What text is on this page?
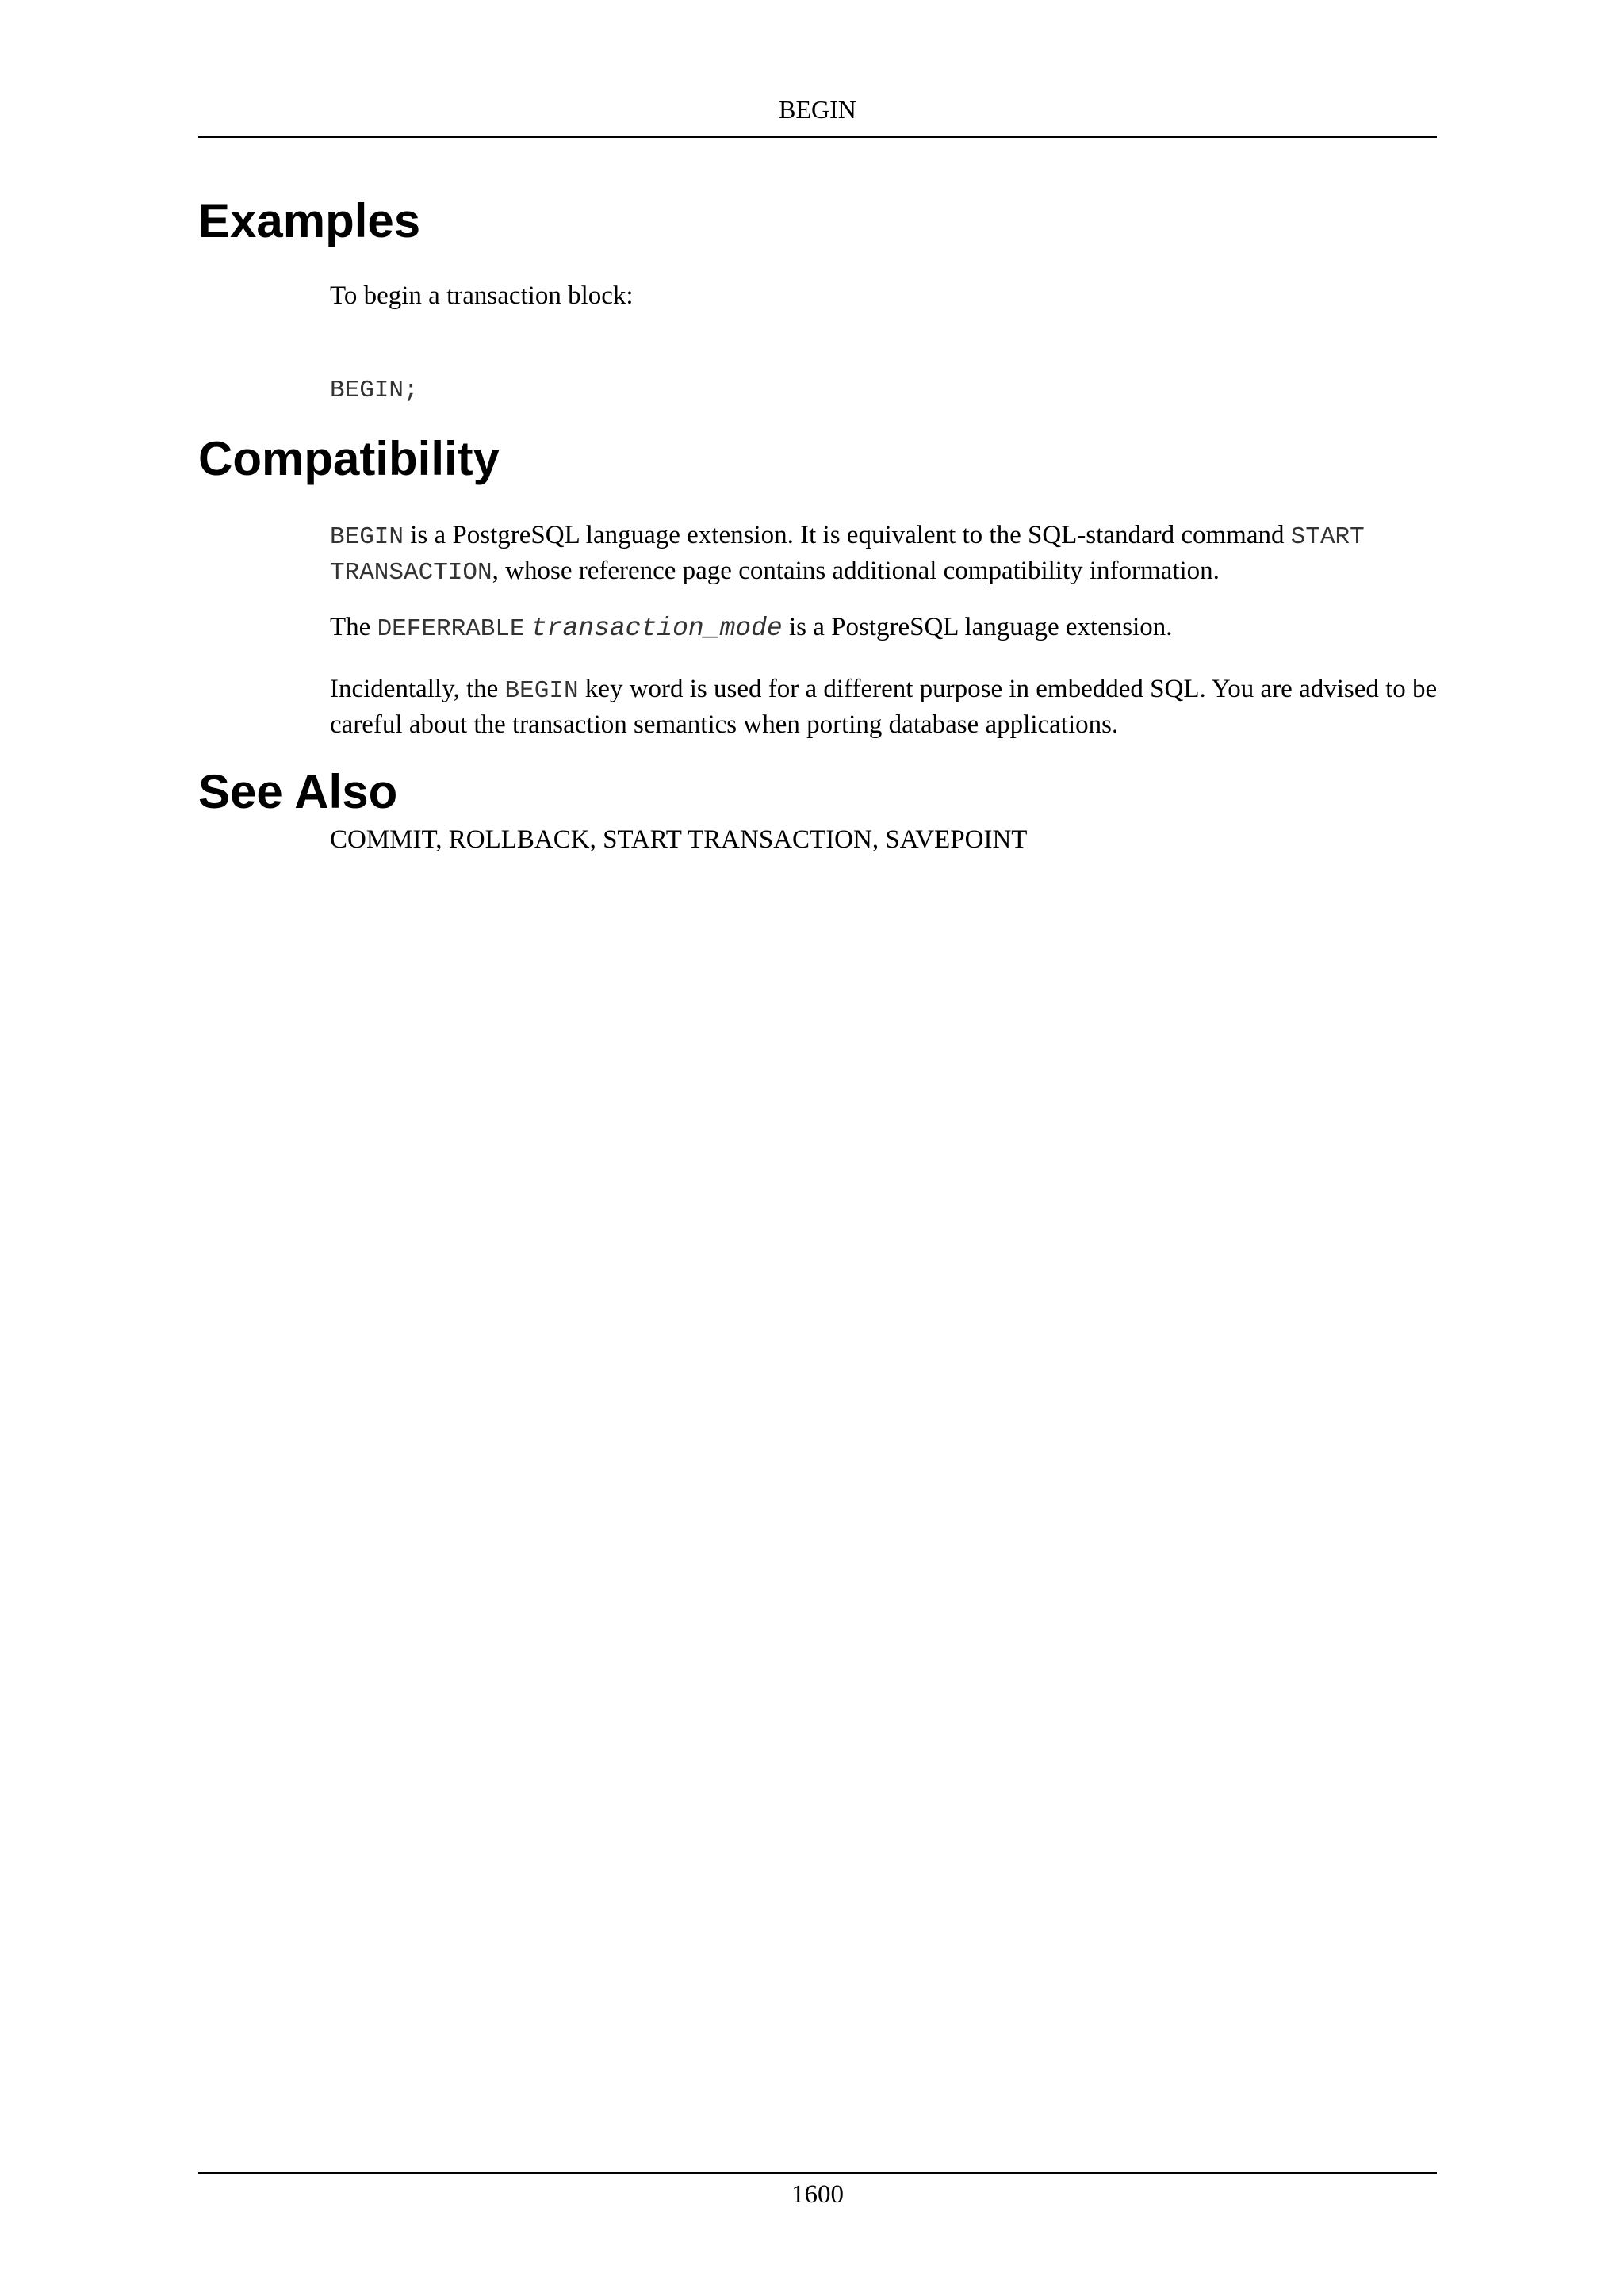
BEGIN
Examples

To begin a transaction block:

BEGIN;
Compatibility

BEGIN is a PostgreSQL language extension. It is equivalent to the SQL-standard command START
TRANSACTION, whose reference page contains additional compatibility information.

The DEFERRABLE transaction_mode is a PostgreSQL language extension.

Incidentally, the BEGIN key word is used for a different purpose in embedded SQL. You are advised to be careful about the transaction semantics when porting database applications.

See Also

COMMIT, ROLLBACK, START TRANSACTION, SAVEPOINT

1600
